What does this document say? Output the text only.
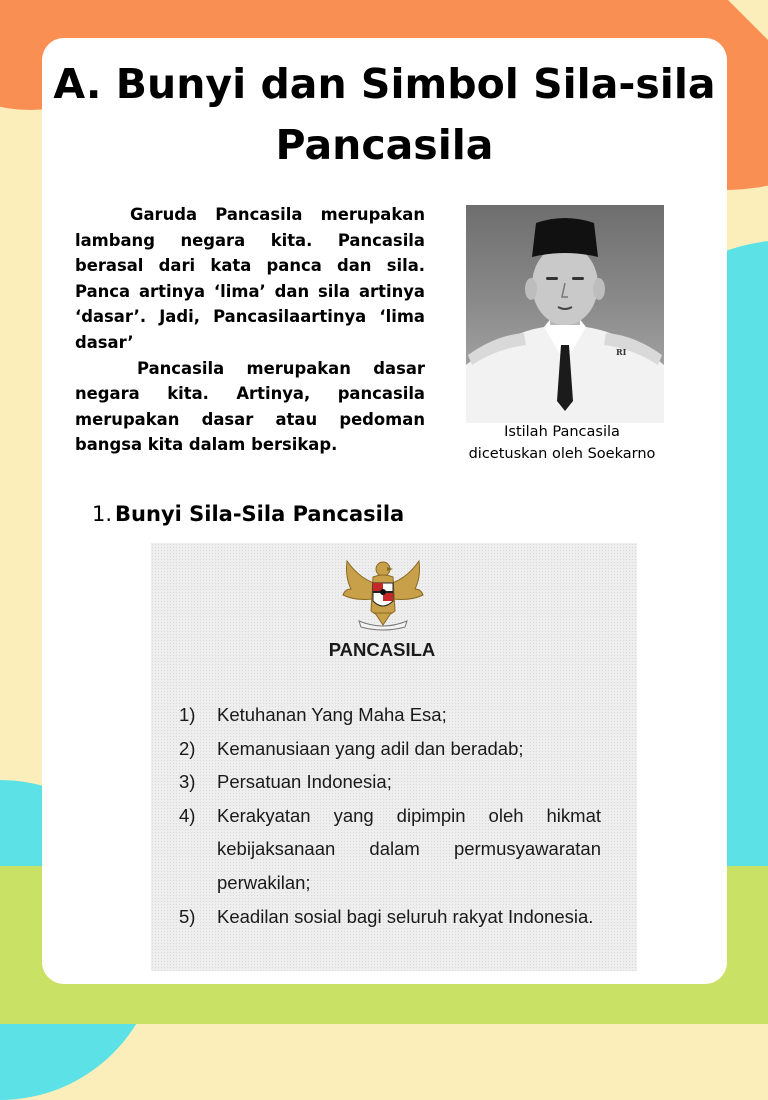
A. Bunyi dan Simbol Sila-sila Pancasila

Garuda Pancasila merupakan lambang negara kita. Pancasila berasal dari kata panca dan sila. Panca artinya ‘lima’ dan sila artinya ‘dasar’. Jadi, Pancasilaartinya ‘lima dasar’

Pancasila merupakan dasar negara kita. Artinya, pancasila merupakan dasar atau pedoman bangsa kita dalam bersikap.

RI
Istilah Pancasila
dicetuskan oleh Soekarno
1. Bunyi Sila-Sila Pancasila
PANCASILA
1)	Ketuhanan Yang Maha Esa;
2)	Kemanusiaan yang adil dan beradab;
3)	Persatuan Indonesia;
4)	Kerakyatan yang dipimpin oleh hikmat kebijaksanaan dalam permusyawaratan perwakilan;
5)	Keadilan sosial bagi seluruh rakyat Indonesia.
